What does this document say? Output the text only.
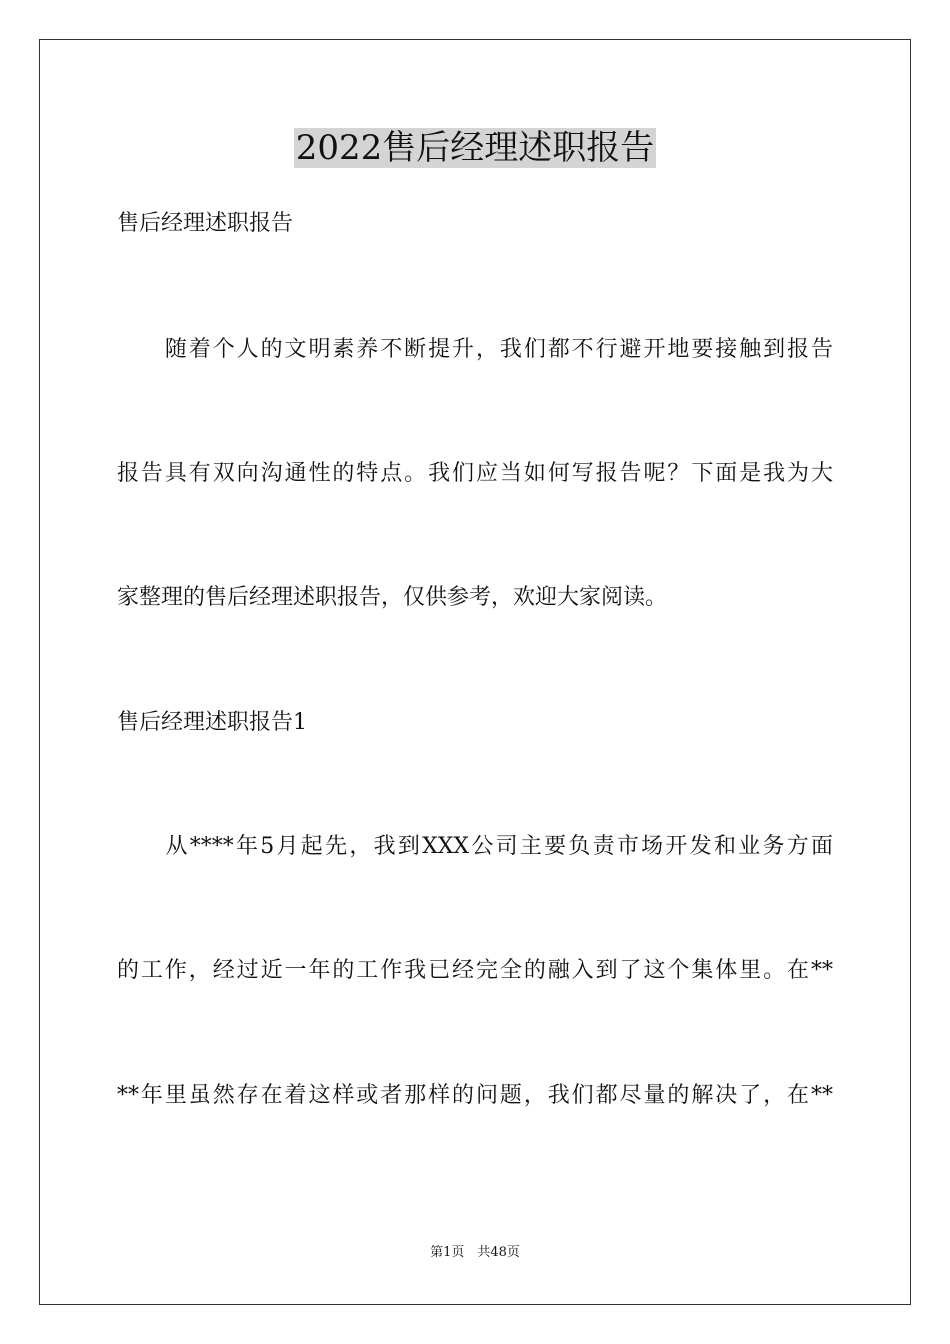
2022售后经理述职报告
售后经理述职报告
　　随着个人的文明素养不断提升，我们都不行避开地要接触到报告
报告具有双向沟通性的特点。我们应当如何写报告呢？下面是我为大
家整理的售后经理述职报告，仅供参考，欢迎大家阅读。
售后经理述职报告1
　　从****年5月起先，我到XXX公司主要负责市场开发和业务方面
的工作，经过近一年的工作我已经完全的融入到了这个集体里。在**
**年里虽然存在着这样或者那样的问题，我们都尽量的解决了，在**
第1页　共48页
